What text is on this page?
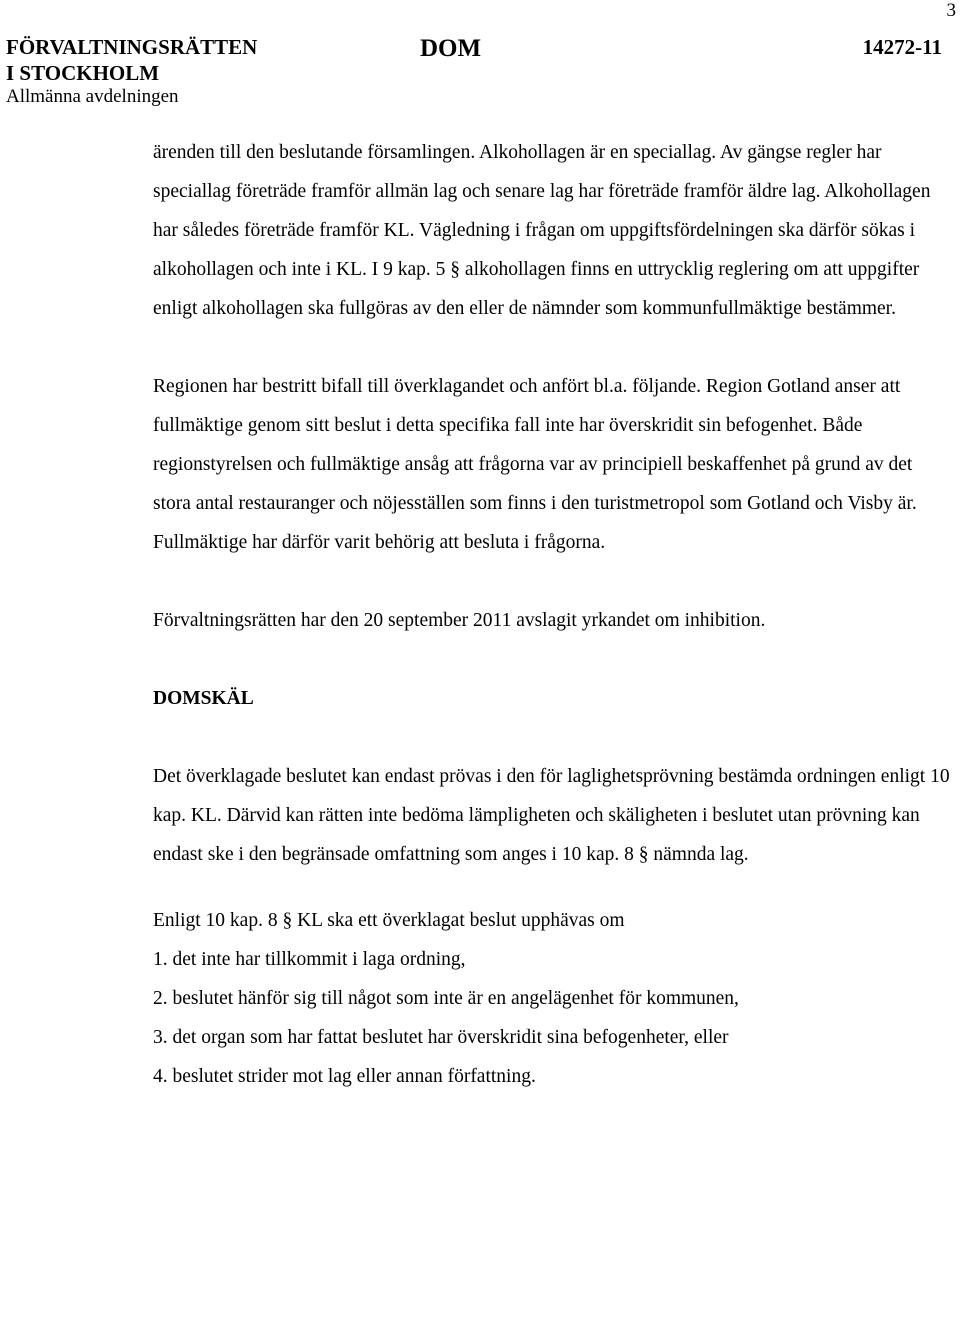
3

FÖRVALTNINGSRÄTTEN

I STOCKHOLM

Allmänna avdelningen

DOM	14272-11

ärenden till den beslutande församlingen. Alkohollagen är en speciallag. Av gängse regler har speciallag företräde framför allmän lag och senare lag har företräde framför äldre lag. Alkohollagen har således företräde framför KL. Vägledning i frågan om uppgiftsfördelningen ska därför sökas i alkohollagen och inte i KL. I 9 kap. 5 § alkohollagen finns en uttrycklig reglering om att uppgifter enligt alkohollagen ska fullgöras av den eller de nämnder som kommunfullmäktige bestämmer.

Regionen har bestritt bifall till överklagandet och anfört bl.a. följande. Region Gotland anser att fullmäktige genom sitt beslut i detta specifika fall inte har överskridit sin befogenhet. Både regionstyrelsen och fullmäktige ansåg att frågorna var av principiell beskaffenhet på grund av det stora antal restauranger och nöjesställen som finns i den turistmetropol som Gotland och Visby är. Fullmäktige har därför varit behörig att besluta i frågorna.

Förvaltningsrätten har den 20 september 2011 avslagit yrkandet om inhibition.

DOMSKÄL

Det överklagade beslutet kan endast prövas i den för laglighetsprövning bestämda ordningen enligt 10 kap. KL. Därvid kan rätten inte bedöma lämpligheten och skäligheten i beslutet utan prövning kan endast ske i den begränsade omfattning som anges i 10 kap. 8 § nämnda lag.

Enligt 10 kap. 8 § KL ska ett överklagat beslut upphävas om

1. det inte har tillkommit i laga ordning,
2. beslutet hänför sig till något som inte är en angelägenhet för kommunen,
3. det organ som har fattat beslutet har överskridit sina befogenheter, eller
4. beslutet strider mot lag eller annan författning.
